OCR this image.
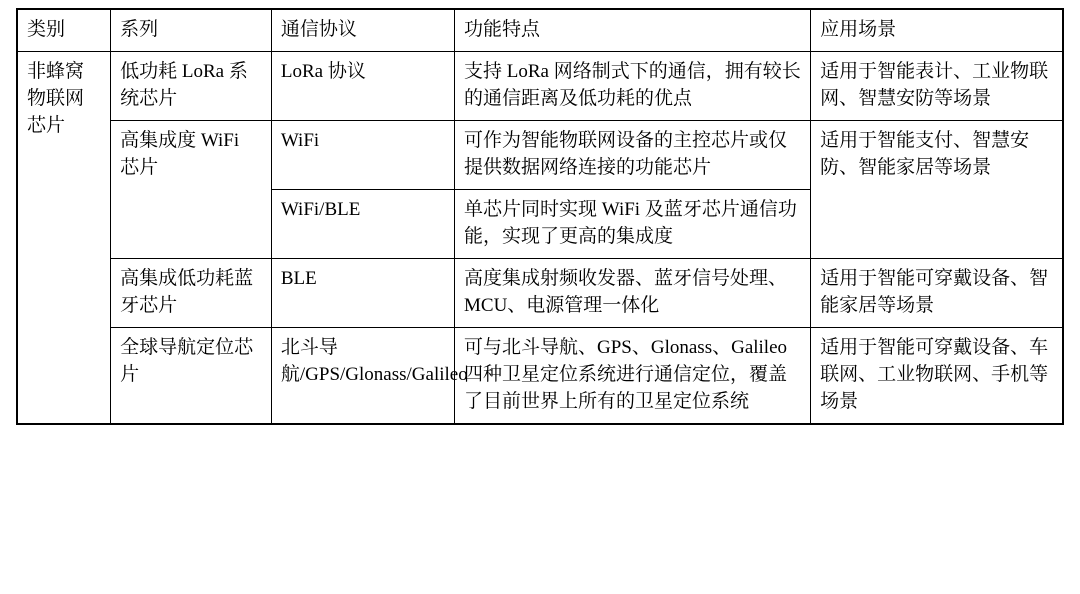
类别	系列	通信协议	功能特点	应用场景
非蜂窝物联网芯片	低功耗 LoRa 系统芯片	LoRa 协议	支持 LoRa 网络制式下的通信，拥有较长的通信距离及低功耗的优点	适用于智能表计、工业物联网、智慧安防等场景
	高集成度 WiFi 芯片	WiFi	可作为智能物联网设备的主控芯片或仅提供数据网络连接的功能芯片	适用于智能支付、智慧安防、智能家居等场景
		WiFi/BLE	单芯片同时实现 WiFi 及蓝牙芯片通信功能，实现了更高的集成度	
	高集成低功耗蓝牙芯片	BLE	高度集成射频收发器、蓝牙信号处理、MCU、电源管理一体化	适用于智能可穿戴设备、智能家居等场景
	全球导航定位芯片	北斗导航/GPS/Glonass/Galileo	可与北斗导航、GPS、Glonass、Galileo 四种卫星定位系统进行通信定位，覆盖了目前世界上所有的卫星定位系统	适用于智能可穿戴设备、车联网、工业物联网、手机等场景
